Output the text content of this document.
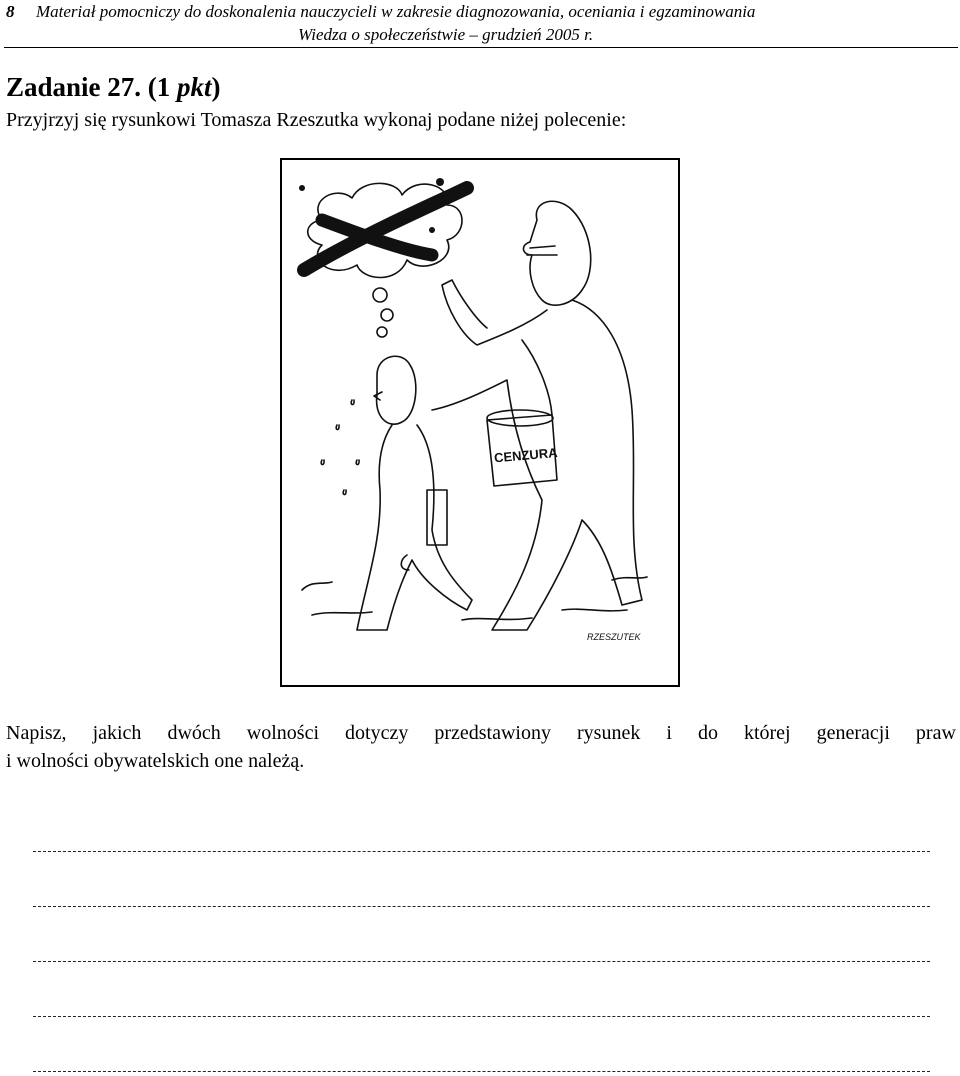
8 Materiał pomocniczy do doskonalenia nauczycieli w zakresie diagnozowania, oceniania i egzaminowania
Wiedza o społeczeństwie – grudzień 2005 r.
Zadanie 27. (1 pkt)
Przyjrzyj się rysunkowi Tomasza Rzeszutka wykonaj podane niżej polecenie:
CENZURA
RZESZUTEK
Napisz, jakich dwóch wolności dotyczy przedstawiony rysunek i do której generacji praw
i wolności obywatelskich one należą.
